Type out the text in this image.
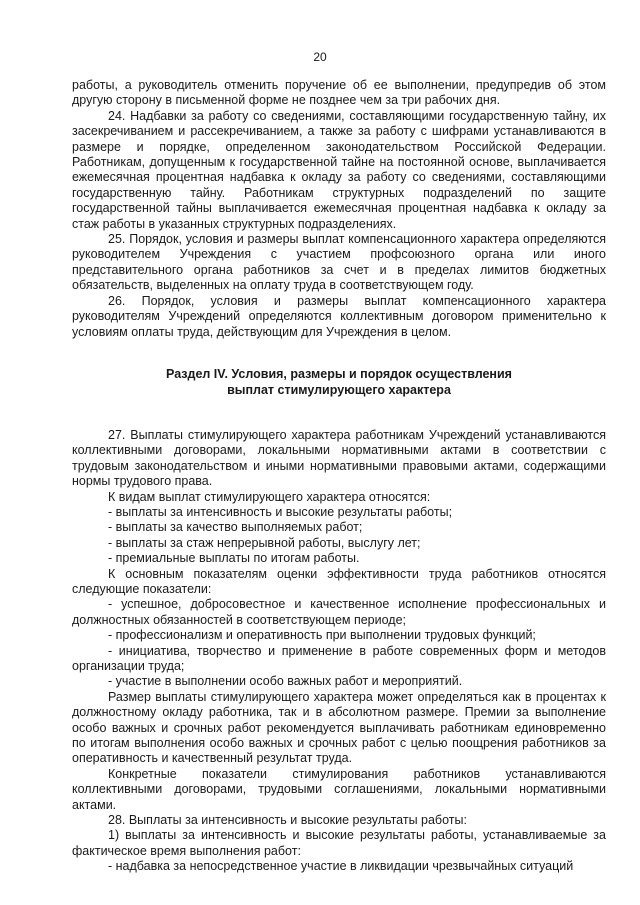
20

работы, а руководитель отменить поручение об ее выполнении, предупредив об этом другую сторону в письменной форме не позднее чем за три рабочих дня.

24. Надбавки за работу со сведениями, составляющими государственную тайну, их засекречиванием и рассекречиванием, а также за работу с шифрами устанавливаются в размере и порядке, определенном законодательством Российской Федерации. Работникам, допущенным к государственной тайне на постоянной основе, выплачивается ежемесячная процентная надбавка к окладу за работу со сведениями, составляющими государственную тайну. Работникам структурных подразделений по защите государственной тайны выплачивается ежемесячная процентная надбавка к окладу за стаж работы в указанных структурных подразделениях.

25. Порядок, условия и размеры выплат компенсационного характера определяются руководителем Учреждения с участием профсоюзного органа или иного представительного органа работников за счет и в пределах лимитов бюджетных обязательств, выделенных на оплату труда в соответствующем году.

26. Порядок, условия и размеры выплат компенсационного характера руководителям Учреждений определяются коллективным договором применительно к условиям оплаты труда, действующим для Учреждения в целом.

Раздел IV. Условия, размеры и порядок осуществления
выплат стимулирующего характера

27. Выплаты стимулирующего характера работникам Учреждений устанавливаются коллективными договорами, локальными нормативными актами в соответствии с трудовым законодательством и иными нормативными правовыми актами, содержащими нормы трудового права.

К видам выплат стимулирующего характера относятся:

- выплаты за интенсивность и высокие результаты работы;

- выплаты за качество выполняемых работ;

- выплаты за стаж непрерывной работы, выслугу лет;

- премиальные выплаты по итогам работы.

К основным показателям оценки эффективности труда работников относятся следующие показатели:

- успешное, добросовестное и качественное исполнение профессиональных и должностных обязанностей в соответствующем периоде;

- профессионализм и оперативность при выполнении трудовых функций;

- инициатива, творчество и применение в работе современных форм и методов организации труда;

- участие в выполнении особо важных работ и мероприятий.

Размер выплаты стимулирующего характера может определяться как в процентах к должностному окладу работника, так и в абсолютном размере. Премии за выполнение особо важных и срочных работ рекомендуется выплачивать работникам единовременно по итогам выполнения особо важных и срочных работ с целью поощрения работников за оперативность и качественный результат труда.

Конкретные показатели стимулирования работников устанавливаются коллективными договорами, трудовыми соглашениями, локальными нормативными актами.

28. Выплаты за интенсивность и высокие результаты работы:

1) выплаты за интенсивность и высокие результаты работы, устанавливаемые за фактическое время выполнения работ:

- надбавка за непосредственное участие в ликвидации чрезвычайных ситуаций
